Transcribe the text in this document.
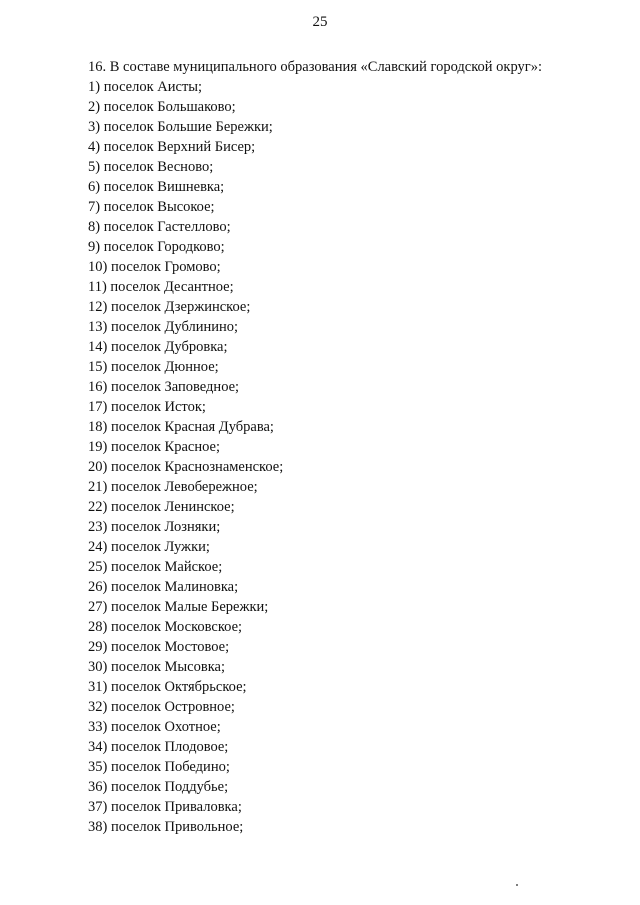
25
16. В составе муниципального образования «Славский городской округ»:
1) поселок Аисты;
2) поселок Большаково;
3) поселок Большие Бережки;
4) поселок Верхний Бисер;
5) поселок Весново;
6) поселок Вишневка;
7) поселок Высокое;
8) поселок Гастеллово;
9) поселок Городково;
10) поселок Громово;
11) поселок Десантное;
12) поселок Дзержинское;
13) поселок Дублинино;
14) поселок Дубровка;
15) поселок Дюнное;
16) поселок Заповедное;
17) поселок Исток;
18) поселок Красная Дубрава;
19) поселок Красное;
20) поселок Краснознаменское;
21) поселок Левобережное;
22) поселок Ленинское;
23) поселок Лозняки;
24) поселок Лужки;
25) поселок Майское;
26) поселок Малиновка;
27) поселок Малые Бережки;
28) поселок Московское;
29) поселок Мостовое;
30) поселок Мысовка;
31) поселок Октябрьское;
32) поселок Островное;
33) поселок Охотное;
34) поселок Плодовое;
35) поселок Победино;
36) поселок Поддубье;
37) поселок Приваловка;
38) поселок Привольное;
